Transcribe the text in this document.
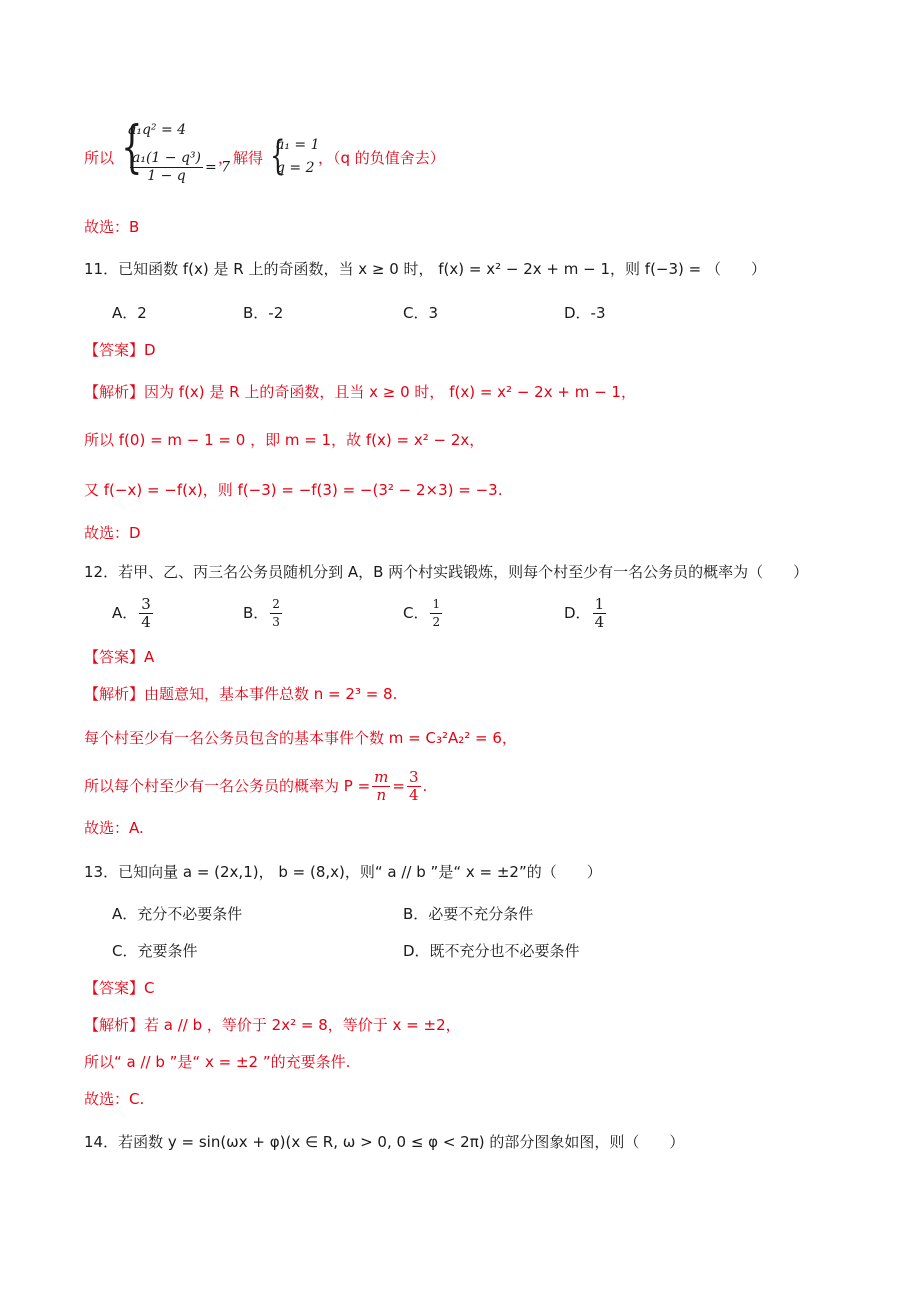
所以 {
a₁q² = 4
$\frac{\text{a₁(1 − q³)}}{1 - q} = 7$
，解得 {
a₁ = 1
q = 2
，（q 的负值舍去）
故选：B
11．已知函数 f(x) 是 R 上的奇函数，当 x ≥ 0 时， f(x) = x² − 2x + m − 1，则 f(−3) = （　　）
A．2	B．-2	C．3	D．-3
【答案】D
【解析】因为 f(x) 是 R 上的奇函数，且当 x ≥ 0 时， f(x) = x² − 2x + m − 1，
所以 f(0) = m − 1 = 0 ，即 m = 1，故 f(x) = x² − 2x，
又 f(−x) = −f(x)，则 f(−3) = −f(3) = −(3² − 2×3) = −3.
故选：D
12．若甲、乙、丙三名公务员随机分到 A，B 两个村实践锻炼，则每个村至少有一名公务员的概率为（　　）
A． $\frac{3}{4}$	B． $\frac{2}{3}$	C． $\frac{1}{2}$	D． $\frac{1}{4}$
【答案】A
【解析】由题意知，基本事件总数 n = 2³ = 8.
每个村至少有一名公务员包含的基本事件个数 m = C₃²A₂² = 6，
所以每个村至少有一名公务员的概率为 $P = \frac{m}{n} = \frac{3}{4}$ .
故选：A.
13．已知向量 a = (2x,1)， b = (8,x)，则“ a // b ”是“ x = ±2”的（　　）
A．充分不必要条件	B．必要不充分条件
C．充要条件	D．既不充分也不必要条件
【答案】C
【解析】若 a // b ，等价于 2x² = 8，等价于 x = ±2，
所以“ a // b ”是“ x = ±2 ”的充要条件.
故选：C.
14．若函数 y = sin(ωx + φ)(x ∈ R, ω > 0, 0 ≤ φ < 2π) 的部分图象如图，则（　　）
